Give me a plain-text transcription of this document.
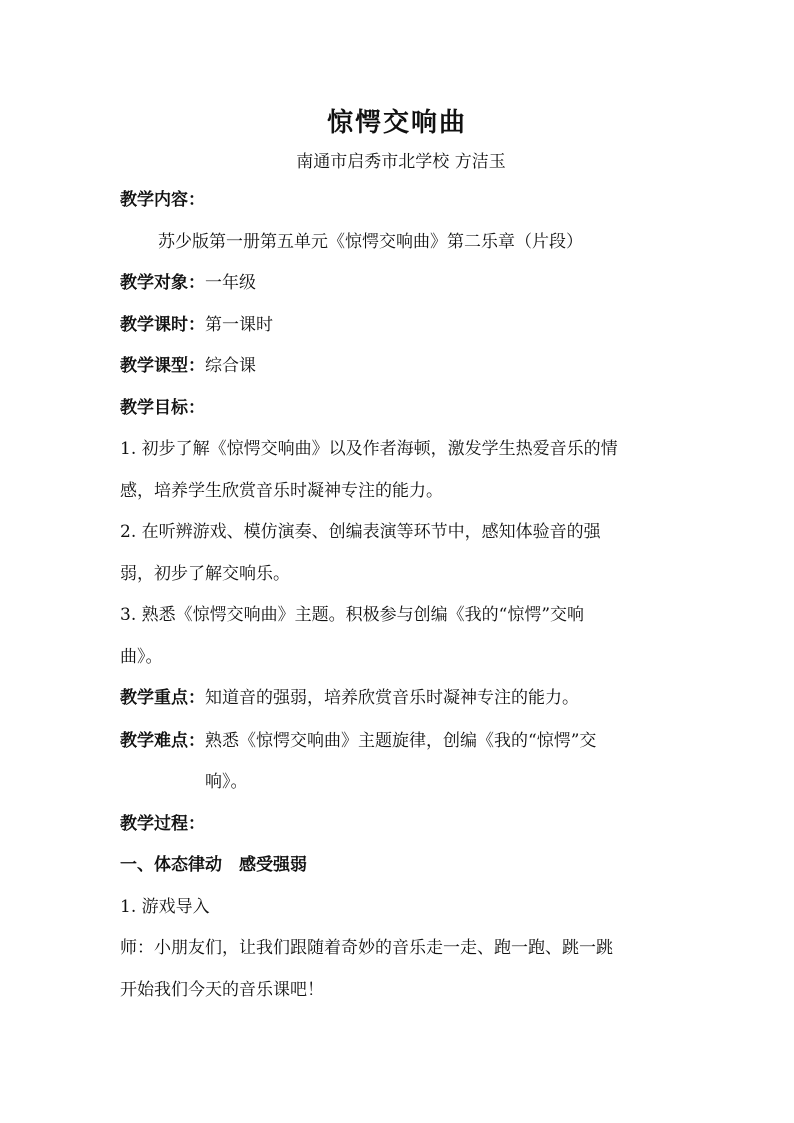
惊愕交响曲
南通市启秀市北学校 方洁玉
教学内容：
苏少版第一册第五单元《惊愕交响曲》第二乐章（片段）
教学对象：一年级
教学课时：第一课时
教学课型：综合课
教学目标：
1. 初步了解《惊愕交响曲》以及作者海顿，激发学生热爱音乐的情
感，培养学生欣赏音乐时凝神专注的能力。
2. 在听辨游戏、模仿演奏、创编表演等环节中，感知体验音的强
弱，初步了解交响乐。
3. 熟悉《惊愕交响曲》主题。积极参与创编《我的“惊愕”交响
曲》。
教学重点：知道音的强弱，培养欣赏音乐时凝神专注的能力。
教学难点：熟悉《惊愕交响曲》主题旋律，创编《我的“惊愕”交
响》。
教学过程：
一、体态律动　感受强弱
1. 游戏导入
师：小朋友们，让我们跟随着奇妙的音乐走一走、跑一跑、跳一跳
开始我们今天的音乐课吧！
